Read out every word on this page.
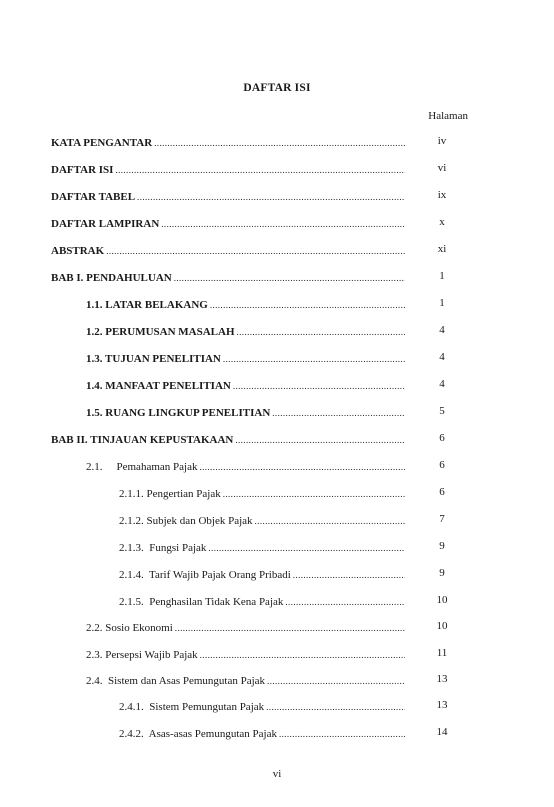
DAFTAR ISI
Halaman
KATA PENGANTAR .....	iv
DAFTAR ISI .....	vi
DAFTAR TABEL .....	ix
DAFTAR LAMPIRAN .....	x
ABSTRAK .....	xi
BAB I. PENDAHULUAN .....	1
1.1. LATAR BELAKANG .....	1
1.2. PERUMUSAN MASALAH .....	4
1.3. TUJUAN PENELITIAN .....	4
1.4. MANFAAT PENELITIAN .....	4
1.5. RUANG LINGKUP PENELITIAN .....	5
BAB II. TINJAUAN KEPUSTAKAAN .....	6
2.1. Pemahaman Pajak .....	6
2.1.1. Pengertian Pajak .....	6
2.1.2. Subjek dan Objek Pajak .....	7
2.1.3.  Fungsi Pajak .....	9
2.1.4.  Tarif Wajib Pajak Orang Pribadi .....	9
2.1.5.  Penghasilan Tidak Kena Pajak .....	10
2.2. Sosio Ekonomi .....	10
2.3. Persepsi Wajib Pajak .....	11
2.4.  Sistem dan Asas Pemungutan Pajak .....	13
2.4.1.  Sistem Pemungutan Pajak .....	13
2.4.2.  Asas-asas Pemungutan Pajak .....	14
vi
